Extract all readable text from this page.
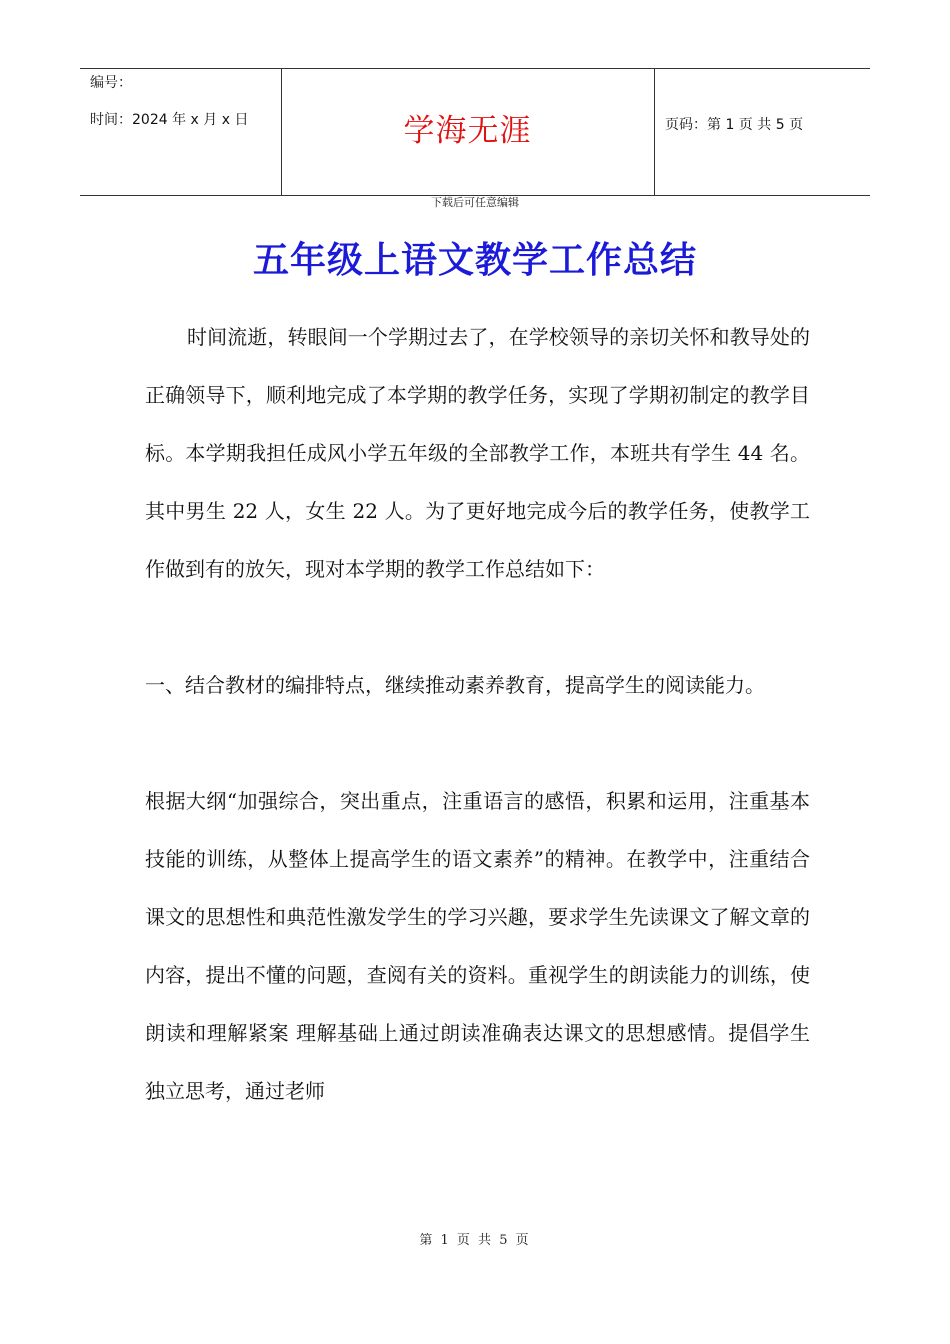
编号：
时间：2024 年 x 月 x 日	学海无涯	页码：第 1 页 共 5 页
下载后可任意编辑
五年级上语文教学工作总结

时间流逝，转眼间一个学期过去了，在学校领导的亲切关怀和教导处的正确领导下，顺利地完成了本学期的教学任务，实现了学期初制定的教学目标。本学期我担任成风小学五年级的全部教学工作，本班共有学生 44 名。其中男生 22 人，女生 22 人。为了更好地完成今后的教学任务，使教学工作做到有的放矢，现对本学期的教学工作总结如下：

一、结合教材的编排特点，继续推动素养教育，提高学生的阅读能力。

根据大纲“加强综合，突出重点，注重语言的感悟，积累和运用，注重基本技能的训练，从整体上提高学生的语文素养”的精神。在教学中，注重结合课文的思想性和典范性激发学生的学习兴趣，要求学生先读课文了解文章的内容，提出不懂的问题，查阅有关的资料。重视学生的朗读能力的训练，使朗读和理解紧案 理解基础上通过朗读准确表达课文的思想感情。提倡学生独立思考，通过老师

第 1 页 共 5 页
